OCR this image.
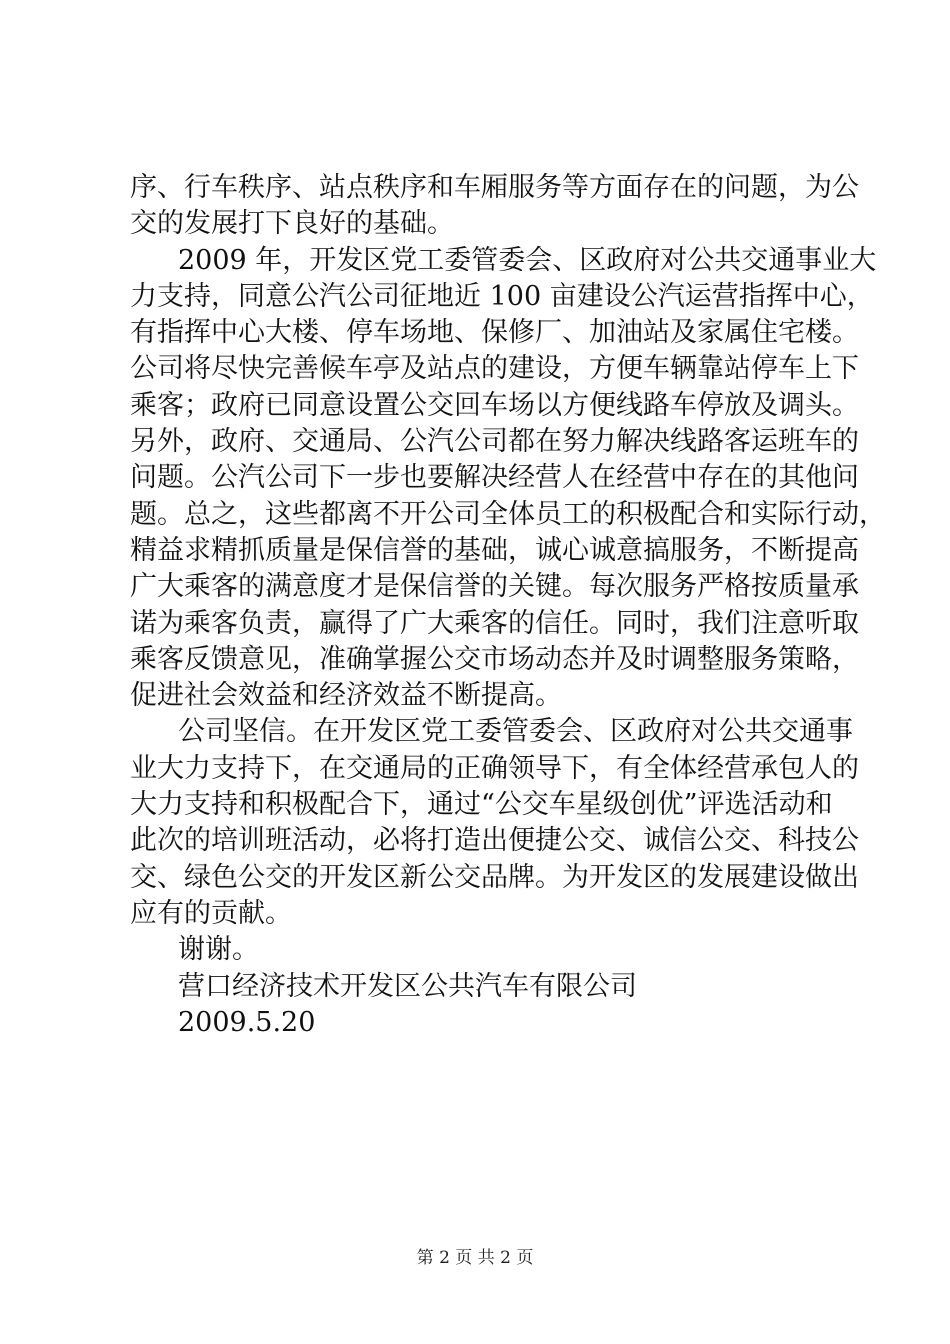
序、行车秩序、站点秩序和车厢服务等方面存在的问题，为公
交的发展打下良好的基础。
2009 年，开发区党工委管委会、区政府对公共交通事业大
力支持，同意公汽公司征地近 100 亩建设公汽运营指挥中心，
有指挥中心大楼、停车场地、保修厂、加油站及家属住宅楼。
公司将尽快完善候车亭及站点的建设，方便车辆靠站停车上下
乘客；政府已同意设置公交回车场以方便线路车停放及调头。
另外，政府、交通局、公汽公司都在努力解决线路客运班车的
问题。公汽公司下一步也要解决经营人在经营中存在的其他问
题。总之，这些都离不开公司全体员工的积极配合和实际行动，
精益求精抓质量是保信誉的基础，诚心诚意搞服务，不断提高
广大乘客的满意度才是保信誉的关键。每次服务严格按质量承
诺为乘客负责，赢得了广大乘客的信任。同时，我们注意听取
乘客反馈意见，准确掌握公交市场动态并及时调整服务策略，
促进社会效益和经济效益不断提高。
公司坚信。在开发区党工委管委会、区政府对公共交通事
业大力支持下，在交通局的正确领导下，有全体经营承包人的
大力支持和积极配合下，通过“公交车星级创优”评选活动和
此次的培训班活动，必将打造出便捷公交、诚信公交、科技公
交、绿色公交的开发区新公交品牌。为开发区的发展建设做出
应有的贡献。
谢谢。
营口经济技术开发区公共汽车有限公司
2009.5.20
第 2 页 共 2 页
